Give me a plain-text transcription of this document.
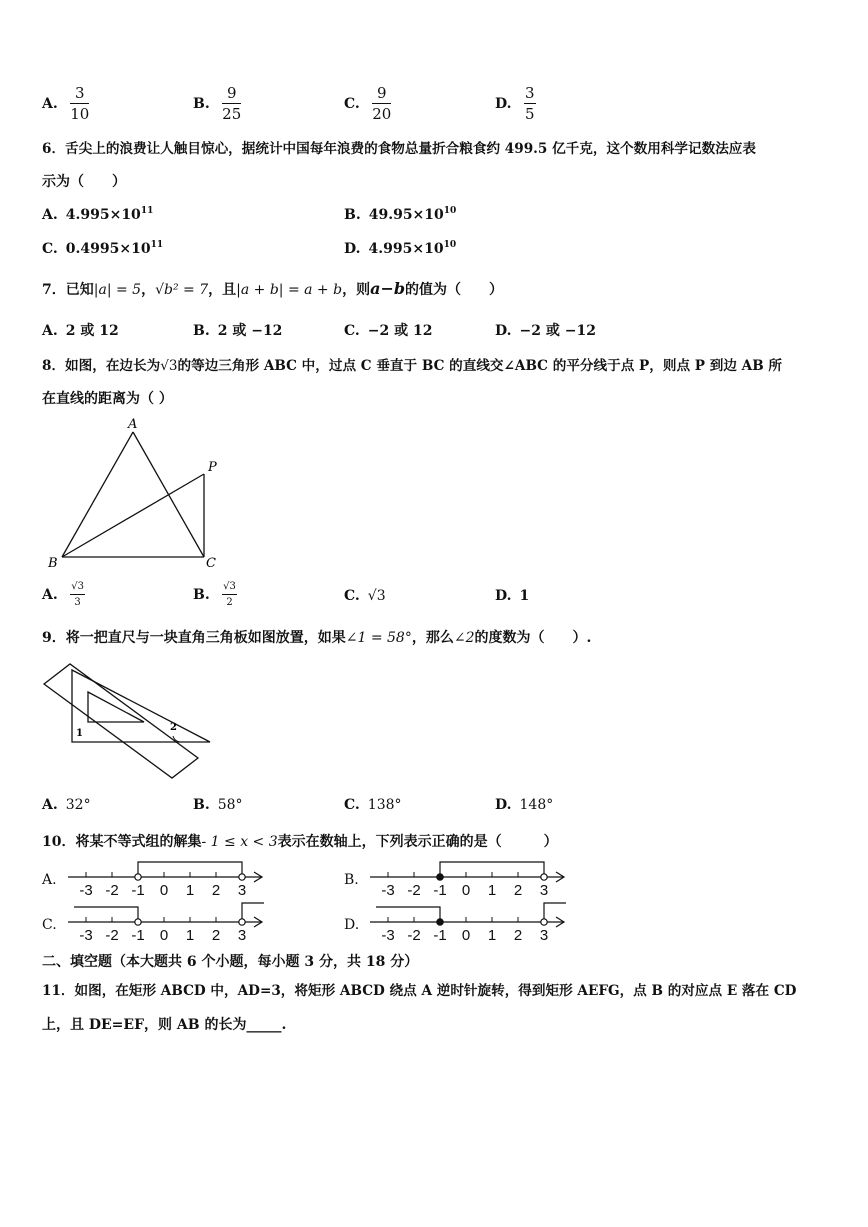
A. $\frac{3}{10}$	B. $\frac{9}{25}$	C. $\frac{9}{20}$	D. $\frac{3}{5}$
6．舌尖上的浪费让人触目惊心，据统计中国每年浪费的食物总量折合粮食约 499.5 亿千克，这个数用科学记数法应表
示为（　　）
A. $4.995\times 10^{11}$	B. $49.95\times 10^{10}$
C. $0.4995\times 10^{11}$	D. $4.995\times 10^{10}$
7．已知|a| = 5，√b² = 7，且|a + b| = a + b，则a−b的值为（　　）
A. 2 或 12	B. 2 或 −12	C. −2 或 12	D. −2 或 −12
8．如图，在边长为√3的等边三角形 ABC 中，过点 C 垂直于 BC 的直线交∠ABC 的平分线于点 P，则点 P 到边 AB 所
在直线的距离为（ ）
A
B	C
P
A. $\frac{√3}{3}$	B. $\frac{√3}{2}$	C. √3	D. 1
9．将一把直尺与一块直角三角板如图放置，如果∠1 = 58°，那么∠2的度数为（　　）.
1
2
A. 32°	B. 58°	C. 138°	D. 148°
10．将某不等式组的解集- 1 ≤ x < 3表示在数轴上，下列表示正确的是（　　　）
A.	B.
C.	D.
-3 -2 -1 0 1 2 3	-3 -2 -1 0 1 2 3
-3 -2 -1 0 1 2 3	-3 -2 -1 0 1 2 3
二、填空题（本大题共 6 个小题，每小题 3 分，共 18 分）
11．如图，在矩形 ABCD 中，AD=3，将矩形 ABCD 绕点 A 逆时针旋转，得到矩形 AEFG，点 B 的对应点 E 落在 CD
上，且 DE=EF，则 AB 的长为_____.
